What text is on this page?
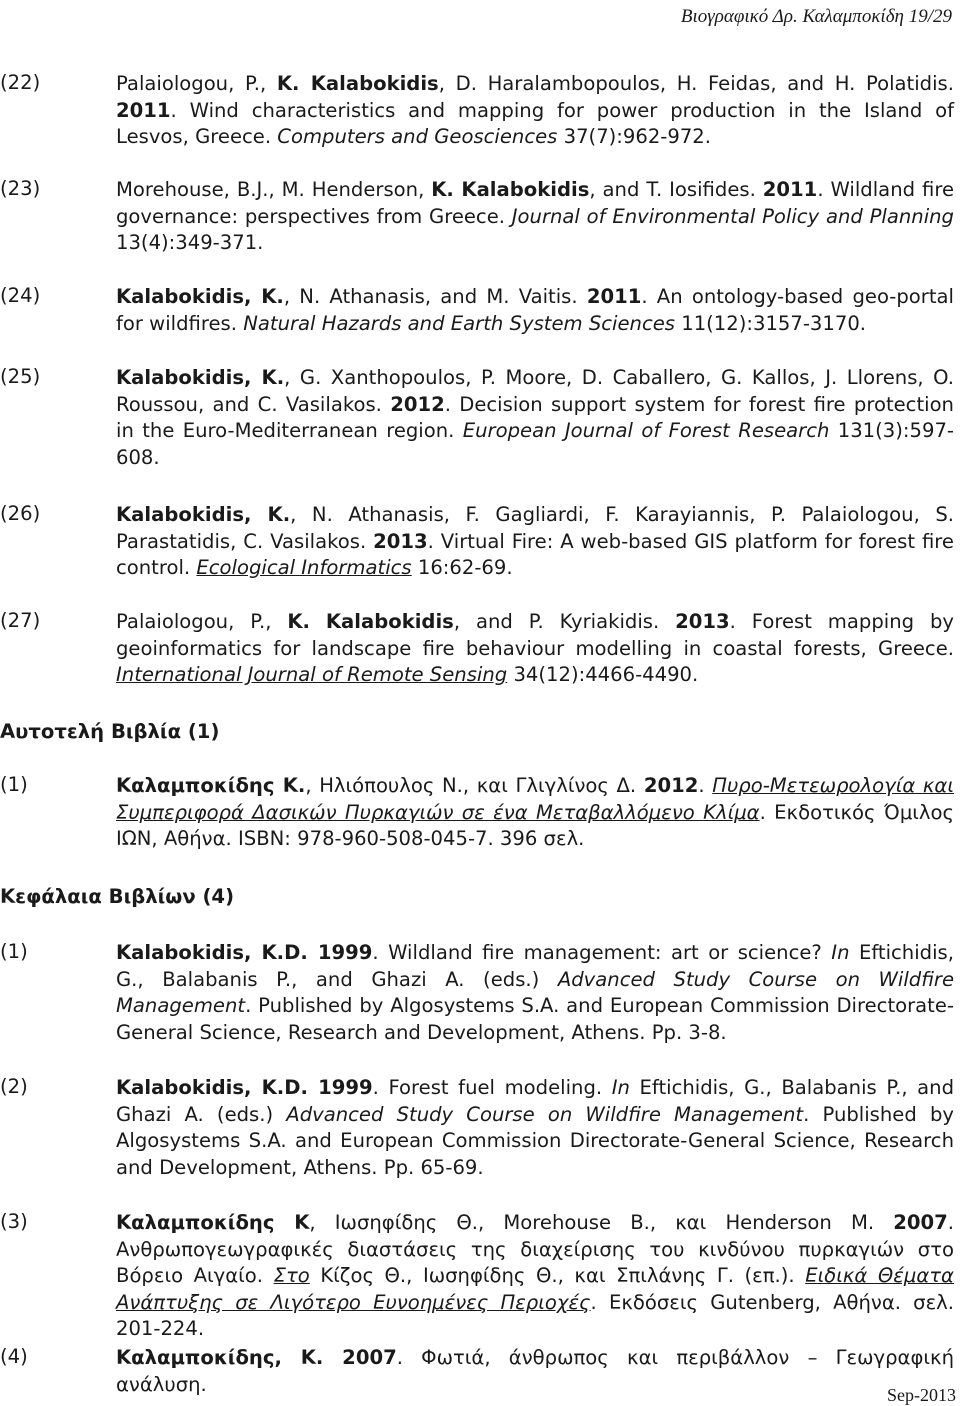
Βιογραφικό Δρ. Καλαμποκίδη 19/29
(22)	Palaiologou, P., K. Kalabokidis, D. Haralambopoulos, H. Feidas, and H. Polatidis. 2011. Wind characteristics and mapping for power production in the Island of Lesvos, Greece. Computers and Geosciences 37(7):962-972.
(23)	Morehouse, B.J., M. Henderson, K. Kalabokidis, and T. Iosifides. 2011. Wildland fire governance: perspectives from Greece. Journal of Environmental Policy and Planning 13(4):349-371.
(24)	Kalabokidis, K., N. Athanasis, and M. Vaitis. 2011. An ontology-based geo-portal for wildfires. Natural Hazards and Earth System Sciences 11(12):3157-3170.
(25)	Kalabokidis, K., G. Xanthopoulos, P. Moore, D. Caballero, G. Kallos, J. Llorens, O. Roussou, and C. Vasilakos. 2012. Decision support system for forest fire protection in the Euro-Mediterranean region. European Journal of Forest Research 131(3):597-608.
(26)	Kalabokidis, K., N. Athanasis, F. Gagliardi, F. Karayiannis, P. Palaiologou, S. Parastatidis, C. Vasilakos. 2013. Virtual Fire: A web-based GIS platform for forest fire control. Ecological Informatics 16:62-69.
(27)	Palaiologou, P., K. Kalabokidis, and P. Kyriakidis. 2013. Forest mapping by geoinformatics for landscape fire behaviour modelling in coastal forests, Greece. International Journal of Remote Sensing 34(12):4466-4490.
Αυτοτελή Βιβλία (1)
(1)	Καλαμποκίδης Κ., Ηλιόπουλος Ν., και Γλιγλίνος Δ. 2012. Πυρο-Μετεωρολογία και Συμπεριφορά Δασικών Πυρκαγιών σε ένα Μεταβαλλόμενο Κλίμα. Εκδοτικός Όμιλος ΙΩΝ, Αθήνα. ISBN: 978-960-508-045-7. 396 σελ.
Κεφάλαια Βιβλίων (4)
(1)	Kalabokidis, K.D. 1999. Wildland fire management: art or science? In Eftichidis, G., Balabanis P., and Ghazi A. (eds.) Advanced Study Course on Wildfire Management. Published by Algosystems S.A. and European Commission Directorate-General Science, Research and Development, Athens. Pp. 3-8.
(2)	Kalabokidis, K.D. 1999. Forest fuel modeling. In Eftichidis, G., Balabanis P., and Ghazi A. (eds.) Advanced Study Course on Wildfire Management. Published by Algosystems S.A. and European Commission Directorate-General Science, Research and Development, Athens. Pp. 65-69.
(3)	Καλαμποκίδης Κ, Ιωσηφίδης Θ., Morehouse B., και Henderson M. 2007. Ανθρωπογεωγραφικές διαστάσεις της διαχείρισης του κινδύνου πυρκαγιών στο Βόρειο Αιγαίο. Στο Κίζος Θ., Ιωσηφίδης Θ., και Σπιλάνης Γ. (επ.). Ειδικά Θέματα Ανάπτυξης σε Λιγότερο Ευνοημένες Περιοχές. Εκδόσεις Gutenberg, Αθήνα. σελ. 201-224.
(4)	Καλαμποκίδης, Κ. 2007. Φωτιά, άνθρωπος και περιβάλλον – Γεωγραφική ανάλυση.	Sep-2013
